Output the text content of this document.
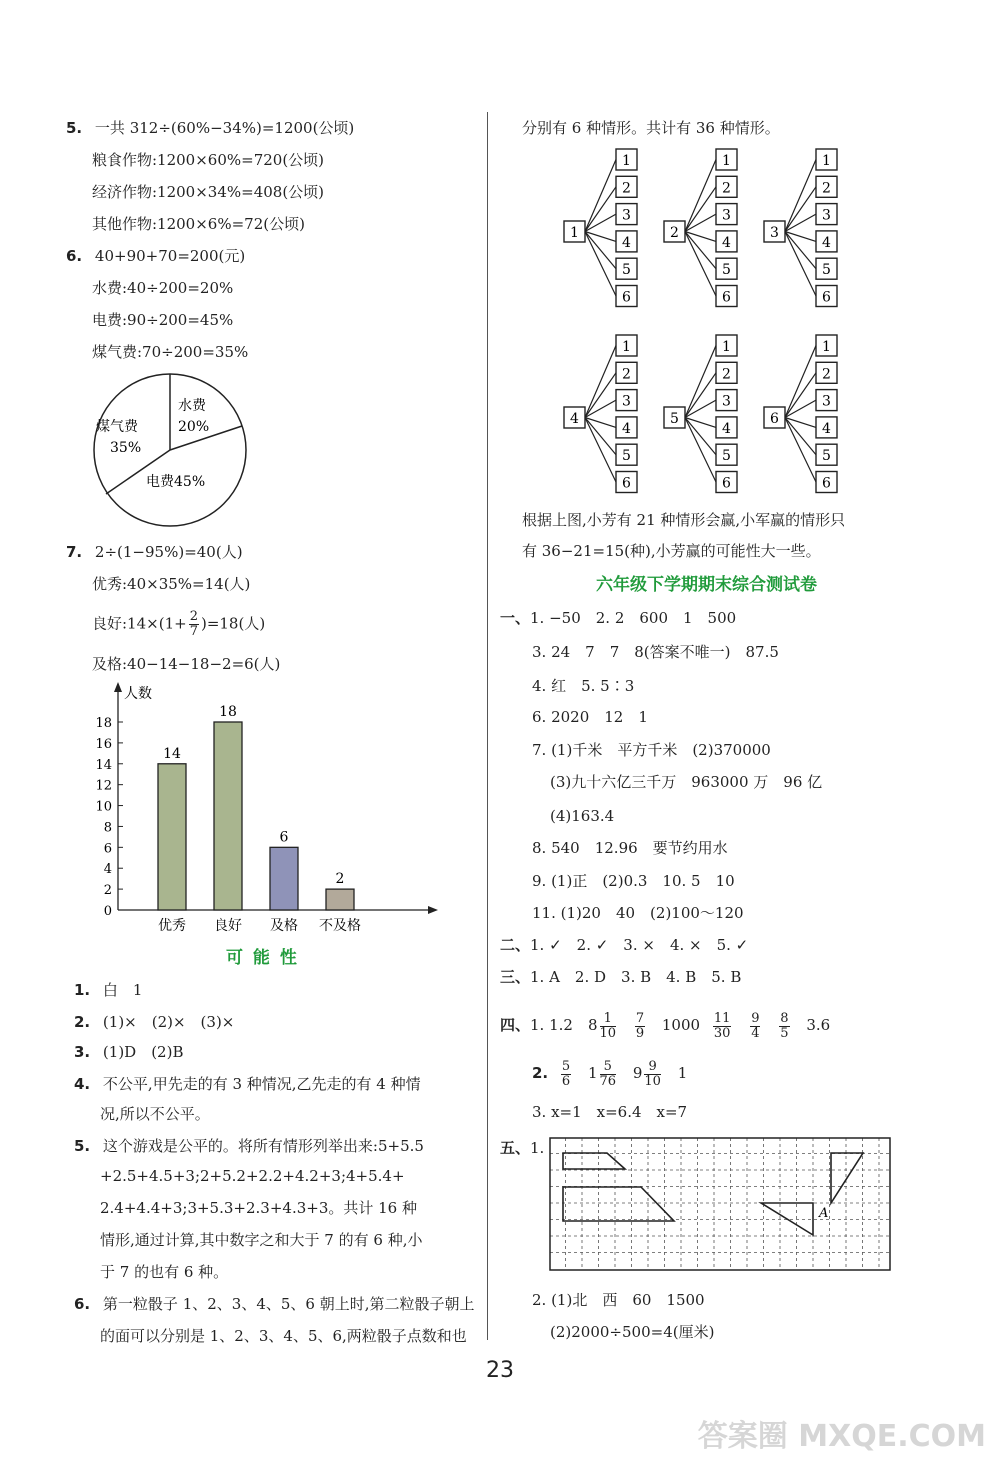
5. 一共 312÷(60%−34%)=1200(公顷)
粮食作物:1200×60%=720(公顷)
经济作物:1200×34%=408(公顷)
其他作物:1200×6%=72(公顷)
6. 40+90+70=200(元)
水费:40÷200=20%
电费:90÷200=45%
煤气费:70÷200=35%
水费
20%
煤气费
35%
电费45%
7. 2÷(1−95%)=40(人)
优秀:40×35%=14(人)
良好:14×(1+ $\frac{2}{7} )=18$(人)
及格:40−14−18−2=6(人)
人数
0
2
4
6
8
10
12
14
16
18
14
优秀
18
良好
6
及格
2
不及格
可 能 性
1. 白　1
2. (1)×　(2)×　(3)×
3. (1)D　(2)B
4. 不公平,甲先走的有 3 种情况,乙先走的有 4 种情
况,所以不公平。
5. 这个游戏是公平的。将所有情形列举出来:5+5.5
+2.5+4.5+3;2+5.2+2.2+4.2+3;4+5.4+
2.4+4.4+3;3+5.3+2.3+4.3+3。共计 16 种
情形,通过计算,其中数字之和大于 7 的有 6 种,小
于 7 的也有 6 种。
6. 第一粒骰子 1、2、3、4、5、6 朝上时,第二粒骰子朝上
的面可以分别是 1、2、3、4、5、6,两粒骰子点数和也
分别有 6 种情形。共计有 36 种情形。
1
1
2
3
4
5
6
2
1
2
3
4
5
6
3
1
2
3
4
5
6
4
1
2
3
4
5
6
5
1
2
3
4
5
6
6
1
2
3
4
5
6
根据上图,小芳有 21 种情形会赢,小军赢的情形只
有 36−21=15(种),小芳赢的可能性大一些。
六年级下学期期末综合测试卷
一、1. −50　2. 2　600　1　500
3. 24　7　7　8(答案不唯一)　87.5
4. 红　5. 5∶3
6. 2020　12　1
7. (1)千米　平方千米　(2)370000
(3)九十六亿三千万　963000 万　96 亿
(4)163.4
8. 540　12.96　要节约用水
9. (1)正　(2)0.3　10. 5　10
11. (1)20　40　(2)100～120
二、1. ✓　2. ✓　3. ×　4. ×　5. ✓
三、1. A　2. D　3. B　4. B　5. B
四、1. 1.2　$8 \frac{1}{10}$
$\frac{7}{9} 1000 \frac{11}{30}$
$\frac{9}{4}$
$\frac{8}{5} 3.6$
2. $\frac{5}{6} 1 \frac{5}{76} 9 \frac{9}{10} 1$
3. x=1　x=6.4　x=7
五、1.
A
2. (1)北　西　60　1500
(2)2000÷500=4(厘米)
23
答案圈 MXQE.COM
